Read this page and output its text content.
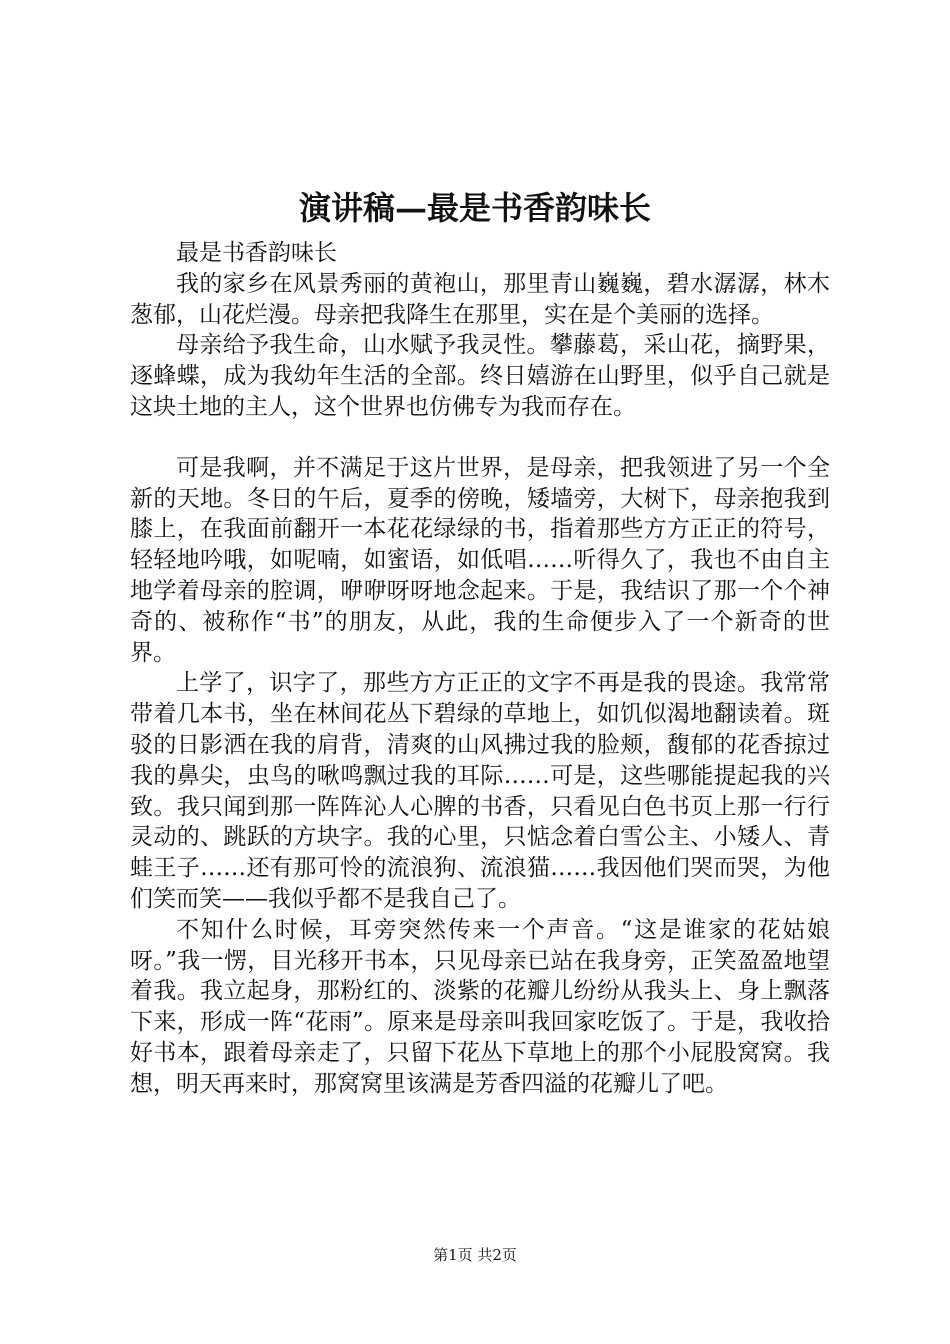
演讲稿—最是书香韵味长

最是书香韵味长

我的家乡在风景秀丽的黄袍山，那里青山巍巍，碧水潺潺，林木葱郁，山花烂漫。母亲把我降生在那里，实在是个美丽的选择。

母亲给予我生命，山水赋予我灵性。攀藤葛，采山花，摘野果，逐蜂蝶，成为我幼年生活的全部。终日嬉游在山野里，似乎自己就是这块土地的主人，这个世界也仿佛专为我而存在。

可是我啊，并不满足于这片世界，是母亲，把我领进了另一个全新的天地。冬日的午后，夏季的傍晚，矮墙旁，大树下，母亲抱我到膝上，在我面前翻开一本花花绿绿的书，指着那些方方正正的符号，轻轻地吟哦，如呢喃，如蜜语，如低唱……听得久了，我也不由自主地学着母亲的腔调，咿咿呀呀地念起来。于是，我结识了那一个个神奇的、被称作“书”的朋友，从此，我的生命便步入了一个新奇的世界。

上学了，识字了，那些方方正正的文字不再是我的畏途。我常常带着几本书，坐在林间花丛下碧绿的草地上，如饥似渴地翻读着。斑驳的日影洒在我的肩背，清爽的山风拂过我的脸颊，馥郁的花香掠过我的鼻尖，虫鸟的啾鸣飘过我的耳际……可是，这些哪能提起我的兴致。我只闻到那一阵阵沁人心脾的书香，只看见白色书页上那一行行灵动的、跳跃的方块字。我的心里，只惦念着白雪公主、小矮人、青蛙王子……还有那可怜的流浪狗、流浪猫……我因他们哭而哭，为他们笑而笑——我似乎都不是我自己了。

不知什么时候，耳旁突然传来一个声音。“这是谁家的花姑娘呀。”我一愣，目光移开书本，只见母亲已站在我身旁，正笑盈盈地望着我。我立起身，那粉红的、淡紫的花瓣儿纷纷从我头上、身上飘落下来，形成一阵“花雨”。原来是母亲叫我回家吃饭了。于是，我收拾好书本，跟着母亲走了，只留下花丛下草地上的那个小屁股窝窝。我想，明天再来时，那窝窝里该满是芳香四溢的花瓣儿了吧。

第1页 共2页
